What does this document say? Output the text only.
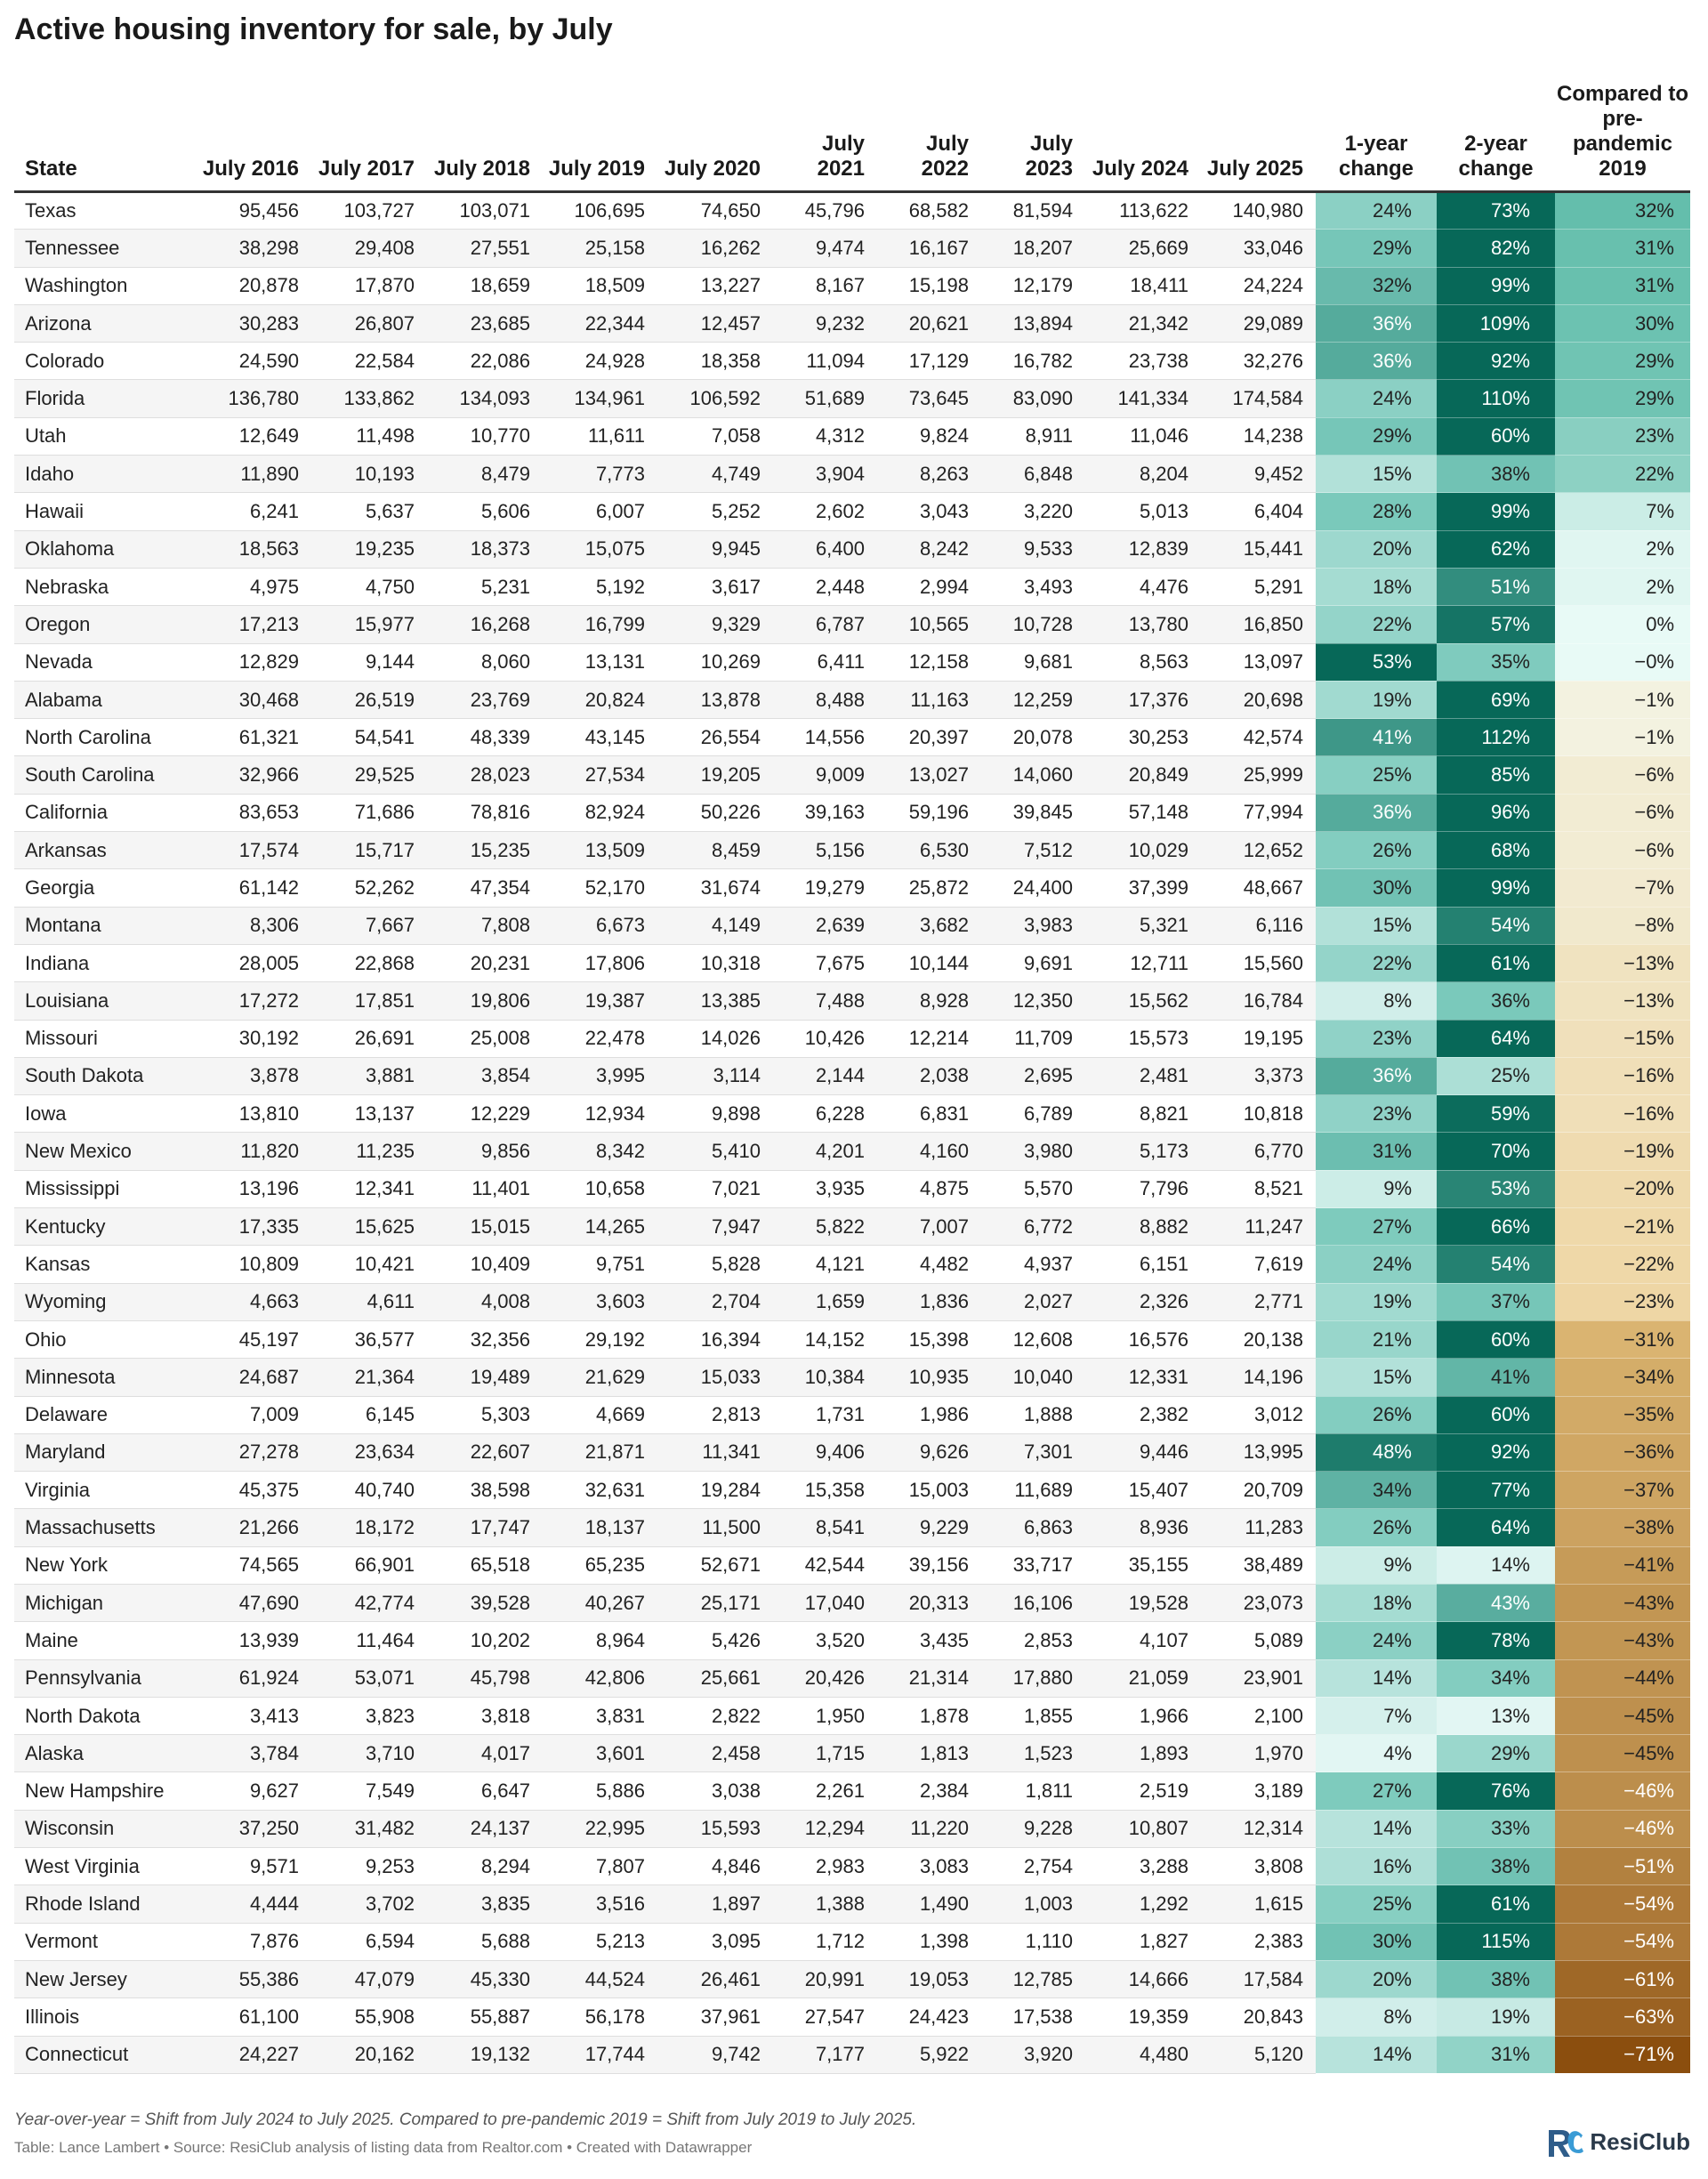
Active housing inventory for sale, by July
State	July 2016	July 2017	July 2018	July 2019	July 2020	July 2021	July 2022	July 2023	July 2024	July 2025	1-year change	2-year change	Compared to pre-pandemic 2019
Texas	95,456	103,727	103,071	106,695	74,650	45,796	68,582	81,594	113,622	140,980	24%	73%	32%
Tennessee	38,298	29,408	27,551	25,158	16,262	9,474	16,167	18,207	25,669	33,046	29%	82%	31%
Washington	20,878	17,870	18,659	18,509	13,227	8,167	15,198	12,179	18,411	24,224	32%	99%	31%
Arizona	30,283	26,807	23,685	22,344	12,457	9,232	20,621	13,894	21,342	29,089	36%	109%	30%
Colorado	24,590	22,584	22,086	24,928	18,358	11,094	17,129	16,782	23,738	32,276	36%	92%	29%
Florida	136,780	133,862	134,093	134,961	106,592	51,689	73,645	83,090	141,334	174,584	24%	110%	29%
Utah	12,649	11,498	10,770	11,611	7,058	4,312	9,824	8,911	11,046	14,238	29%	60%	23%
Idaho	11,890	10,193	8,479	7,773	4,749	3,904	8,263	6,848	8,204	9,452	15%	38%	22%
Hawaii	6,241	5,637	5,606	6,007	5,252	2,602	3,043	3,220	5,013	6,404	28%	99%	7%
Oklahoma	18,563	19,235	18,373	15,075	9,945	6,400	8,242	9,533	12,839	15,441	20%	62%	2%
Nebraska	4,975	4,750	5,231	5,192	3,617	2,448	2,994	3,493	4,476	5,291	18%	51%	2%
Oregon	17,213	15,977	16,268	16,799	9,329	6,787	10,565	10,728	13,780	16,850	22%	57%	0%
Nevada	12,829	9,144	8,060	13,131	10,269	6,411	12,158	9,681	8,563	13,097	53%	35%	−0%
Alabama	30,468	26,519	23,769	20,824	13,878	8,488	11,163	12,259	17,376	20,698	19%	69%	−1%
North Carolina	61,321	54,541	48,339	43,145	26,554	14,556	20,397	20,078	30,253	42,574	41%	112%	−1%
South Carolina	32,966	29,525	28,023	27,534	19,205	9,009	13,027	14,060	20,849	25,999	25%	85%	−6%
California	83,653	71,686	78,816	82,924	50,226	39,163	59,196	39,845	57,148	77,994	36%	96%	−6%
Arkansas	17,574	15,717	15,235	13,509	8,459	5,156	6,530	7,512	10,029	12,652	26%	68%	−6%
Georgia	61,142	52,262	47,354	52,170	31,674	19,279	25,872	24,400	37,399	48,667	30%	99%	−7%
Montana	8,306	7,667	7,808	6,673	4,149	2,639	3,682	3,983	5,321	6,116	15%	54%	−8%
Indiana	28,005	22,868	20,231	17,806	10,318	7,675	10,144	9,691	12,711	15,560	22%	61%	−13%
Louisiana	17,272	17,851	19,806	19,387	13,385	7,488	8,928	12,350	15,562	16,784	8%	36%	−13%
Missouri	30,192	26,691	25,008	22,478	14,026	10,426	12,214	11,709	15,573	19,195	23%	64%	−15%
South Dakota	3,878	3,881	3,854	3,995	3,114	2,144	2,038	2,695	2,481	3,373	36%	25%	−16%
Iowa	13,810	13,137	12,229	12,934	9,898	6,228	6,831	6,789	8,821	10,818	23%	59%	−16%
New Mexico	11,820	11,235	9,856	8,342	5,410	4,201	4,160	3,980	5,173	6,770	31%	70%	−19%
Mississippi	13,196	12,341	11,401	10,658	7,021	3,935	4,875	5,570	7,796	8,521	9%	53%	−20%
Kentucky	17,335	15,625	15,015	14,265	7,947	5,822	7,007	6,772	8,882	11,247	27%	66%	−21%
Kansas	10,809	10,421	10,409	9,751	5,828	4,121	4,482	4,937	6,151	7,619	24%	54%	−22%
Wyoming	4,663	4,611	4,008	3,603	2,704	1,659	1,836	2,027	2,326	2,771	19%	37%	−23%
Ohio	45,197	36,577	32,356	29,192	16,394	14,152	15,398	12,608	16,576	20,138	21%	60%	−31%
Minnesota	24,687	21,364	19,489	21,629	15,033	10,384	10,935	10,040	12,331	14,196	15%	41%	−34%
Delaware	7,009	6,145	5,303	4,669	2,813	1,731	1,986	1,888	2,382	3,012	26%	60%	−35%
Maryland	27,278	23,634	22,607	21,871	11,341	9,406	9,626	7,301	9,446	13,995	48%	92%	−36%
Virginia	45,375	40,740	38,598	32,631	19,284	15,358	15,003	11,689	15,407	20,709	34%	77%	−37%
Massachusetts	21,266	18,172	17,747	18,137	11,500	8,541	9,229	6,863	8,936	11,283	26%	64%	−38%
New York	74,565	66,901	65,518	65,235	52,671	42,544	39,156	33,717	35,155	38,489	9%	14%	−41%
Michigan	47,690	42,774	39,528	40,267	25,171	17,040	20,313	16,106	19,528	23,073	18%	43%	−43%
Maine	13,939	11,464	10,202	8,964	5,426	3,520	3,435	2,853	4,107	5,089	24%	78%	−43%
Pennsylvania	61,924	53,071	45,798	42,806	25,661	20,426	21,314	17,880	21,059	23,901	14%	34%	−44%
North Dakota	3,413	3,823	3,818	3,831	2,822	1,950	1,878	1,855	1,966	2,100	7%	13%	−45%
Alaska	3,784	3,710	4,017	3,601	2,458	1,715	1,813	1,523	1,893	1,970	4%	29%	−45%
New Hampshire	9,627	7,549	6,647	5,886	3,038	2,261	2,384	1,811	2,519	3,189	27%	76%	−46%
Wisconsin	37,250	31,482	24,137	22,995	15,593	12,294	11,220	9,228	10,807	12,314	14%	33%	−46%
West Virginia	9,571	9,253	8,294	7,807	4,846	2,983	3,083	2,754	3,288	3,808	16%	38%	−51%
Rhode Island	4,444	3,702	3,835	3,516	1,897	1,388	1,490	1,003	1,292	1,615	25%	61%	−54%
Vermont	7,876	6,594	5,688	5,213	3,095	1,712	1,398	1,110	1,827	2,383	30%	115%	−54%
New Jersey	55,386	47,079	45,330	44,524	26,461	20,991	19,053	12,785	14,666	17,584	20%	38%	−61%
Illinois	61,100	55,908	55,887	56,178	37,961	27,547	24,423	17,538	19,359	20,843	8%	19%	−63%
Connecticut	24,227	20,162	19,132	17,744	9,742	7,177	5,922	3,920	4,480	5,120	14%	31%	−71%
Year-over-year = Shift from July 2024 to July 2025. Compared to pre-pandemic 2019 = Shift from July 2019 to July 2025.
Table: Lance Lambert • Source: ResiClub analysis of listing data from Realtor.com • Created with Datawrapper	ResiClub
